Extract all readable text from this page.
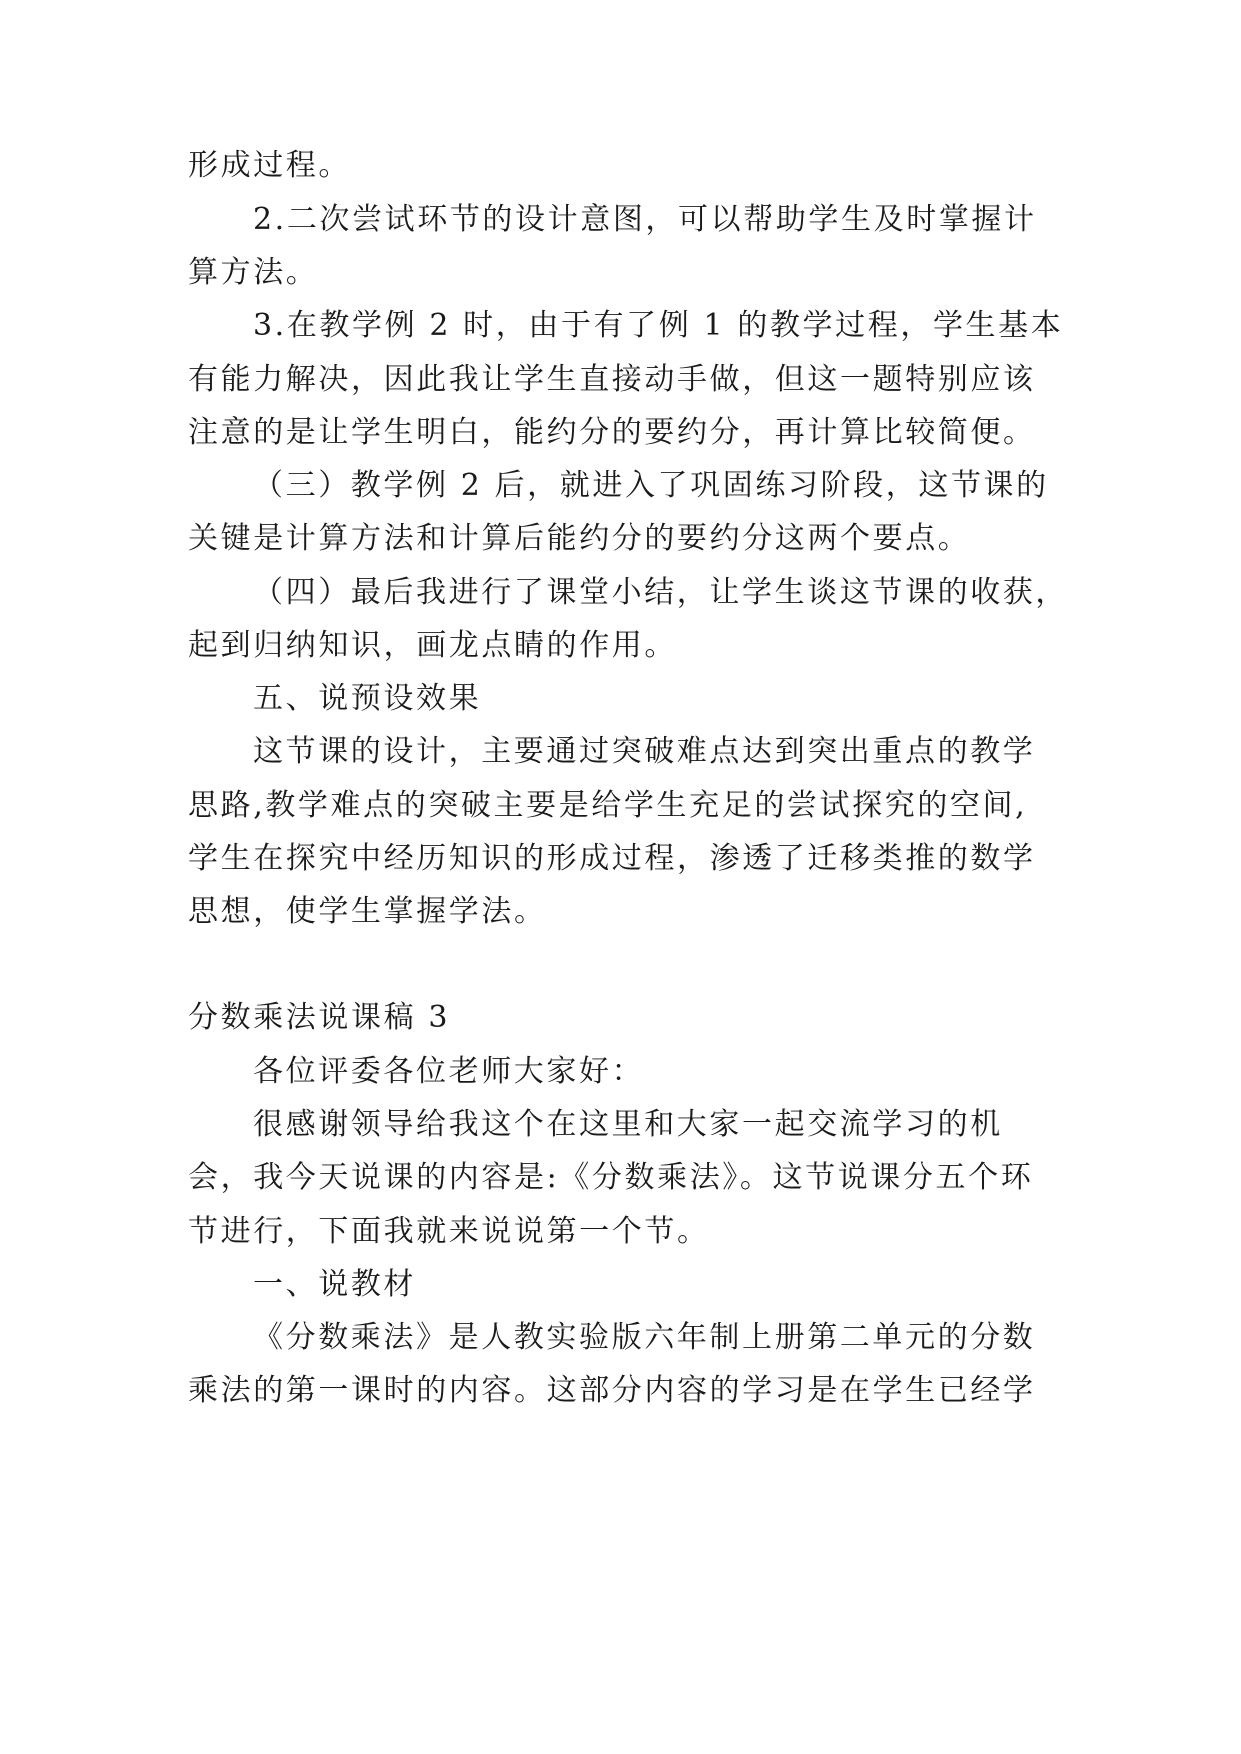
形成过程。
2.二次尝试环节的设计意图，可以帮助学生及时掌握计
算方法。
3.在教学例 2 时，由于有了例 1 的教学过程，学生基本
有能力解决，因此我让学生直接动手做，但这一题特别应该
注意的是让学生明白，能约分的要约分，再计算比较简便。
（三）教学例 2 后，就进入了巩固练习阶段，这节课的
关键是计算方法和计算后能约分的要约分这两个要点。
（四）最后我进行了课堂小结，让学生谈这节课的收获，
起到归纳知识，画龙点睛的作用。
五、说预设效果
这节课的设计，主要通过突破难点达到突出重点的教学
思路,教学难点的突破主要是给学生充足的尝试探究的空间,
学生在探究中经历知识的形成过程，渗透了迁移类推的数学
思想，使学生掌握学法。
分数乘法说课稿 3
各位评委各位老师大家好：
很感谢领导给我这个在这里和大家一起交流学习的机
会，我今天说课的内容是:《分数乘法》。这节说课分五个环
节进行，下面我就来说说第一个节。
一、说教材
《分数乘法》是人教实验版六年制上册第二单元的分数
乘法的第一课时的内容。这部分内容的学习是在学生已经学
